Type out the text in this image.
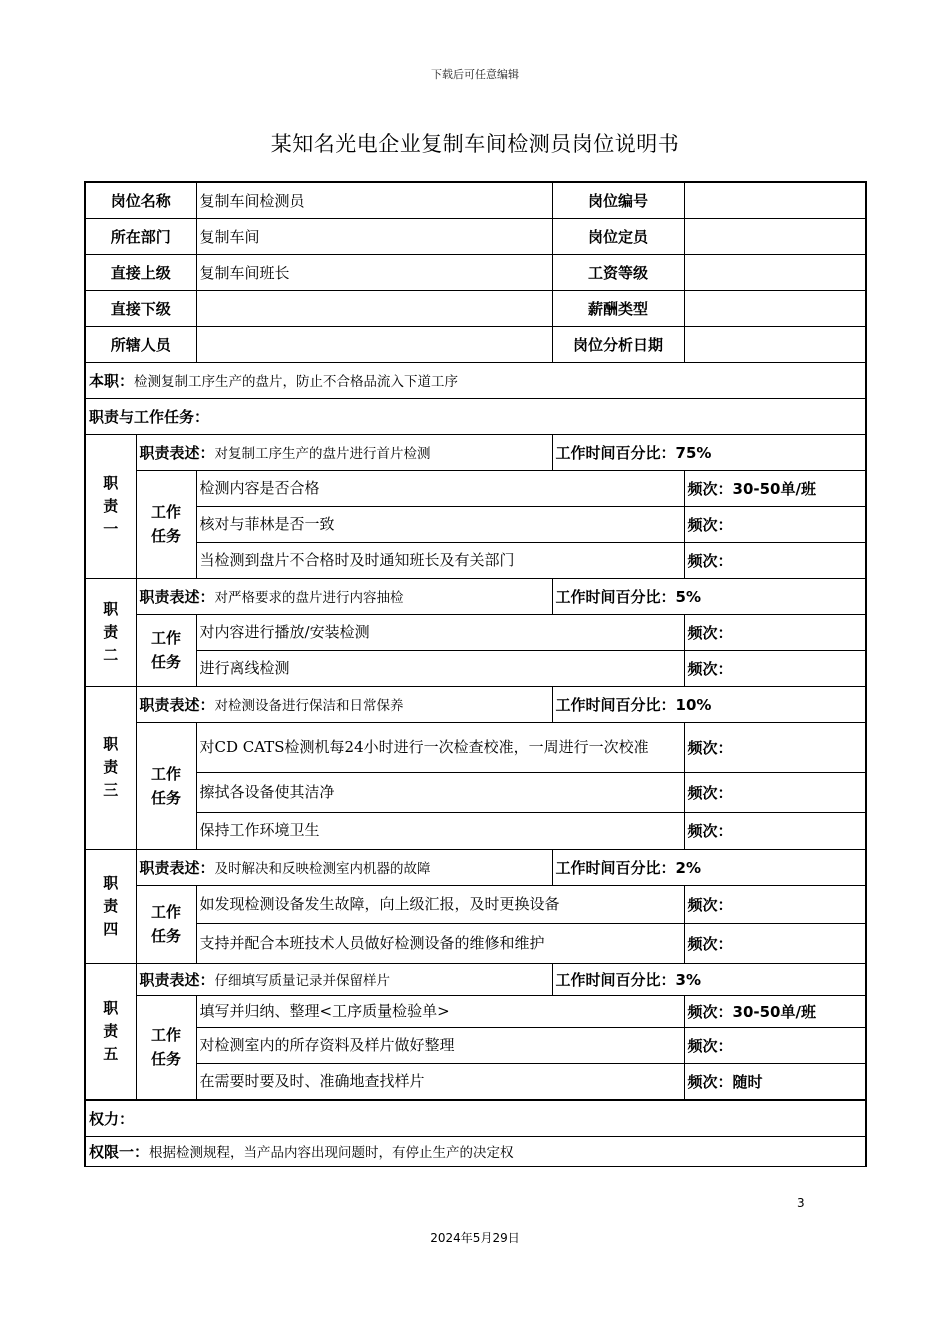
下载后可任意编辑
某知名光电企业复制车间检测员岗位说明书
岗位名称		复制车间检测员	岗位编号	
所在部门		复制车间	岗位定员	
直接上级		复制车间班长	工资等级	
直接下级			薪酬类型	
所辖人员			岗位分析日期	
本职：检测复制工序生产的盘片，防止不合格品流入下道工序				
职责与工作任务：				
职责一	职责表述：对复制工序生产的盘片进行首片检测		工作时间百分比：75%	
	工作任务	检测内容是否合格		频次：30-50单/班
		核对与菲林是否一致		频次：
		当检测到盘片不合格时及时通知班长及有关部门		频次：
职责二	职责表述：对严格要求的盘片进行内容抽检		工作时间百分比：5%	
	工作任务	对内容进行播放/安装检测		频次：
		进行离线检测		频次：
职责三	职责表述：对检测设备进行保洁和日常保养		工作时间百分比：10%	
	工作任务	对CD CATS检测机每24小时进行一次检查校准，一周进行一次校准		频次：
		擦拭各设备使其洁净		频次：
		保持工作环境卫生		频次：
职责四	职责表述：及时解决和反映检测室内机器的故障		工作时间百分比：2%	
	工作任务	如发现检测设备发生故障，向上级汇报，及时更换设备		频次：
		支持并配合本班技术人员做好检测设备的维修和维护		频次：
职责五	职责表述：仔细填写质量记录并保留样片		工作时间百分比：3%	
	工作任务	填写并归纳、整理<工序质量检验单>		频次：30-50单/班
		对检测室内的所存资料及样片做好整理		频次：
		在需要时要及时、准确地查找样片		频次：随时
权力：				
权限一：根据检测规程，当产品内容出现问题时，有停止生产的决定权				
3
2024年5月29日
